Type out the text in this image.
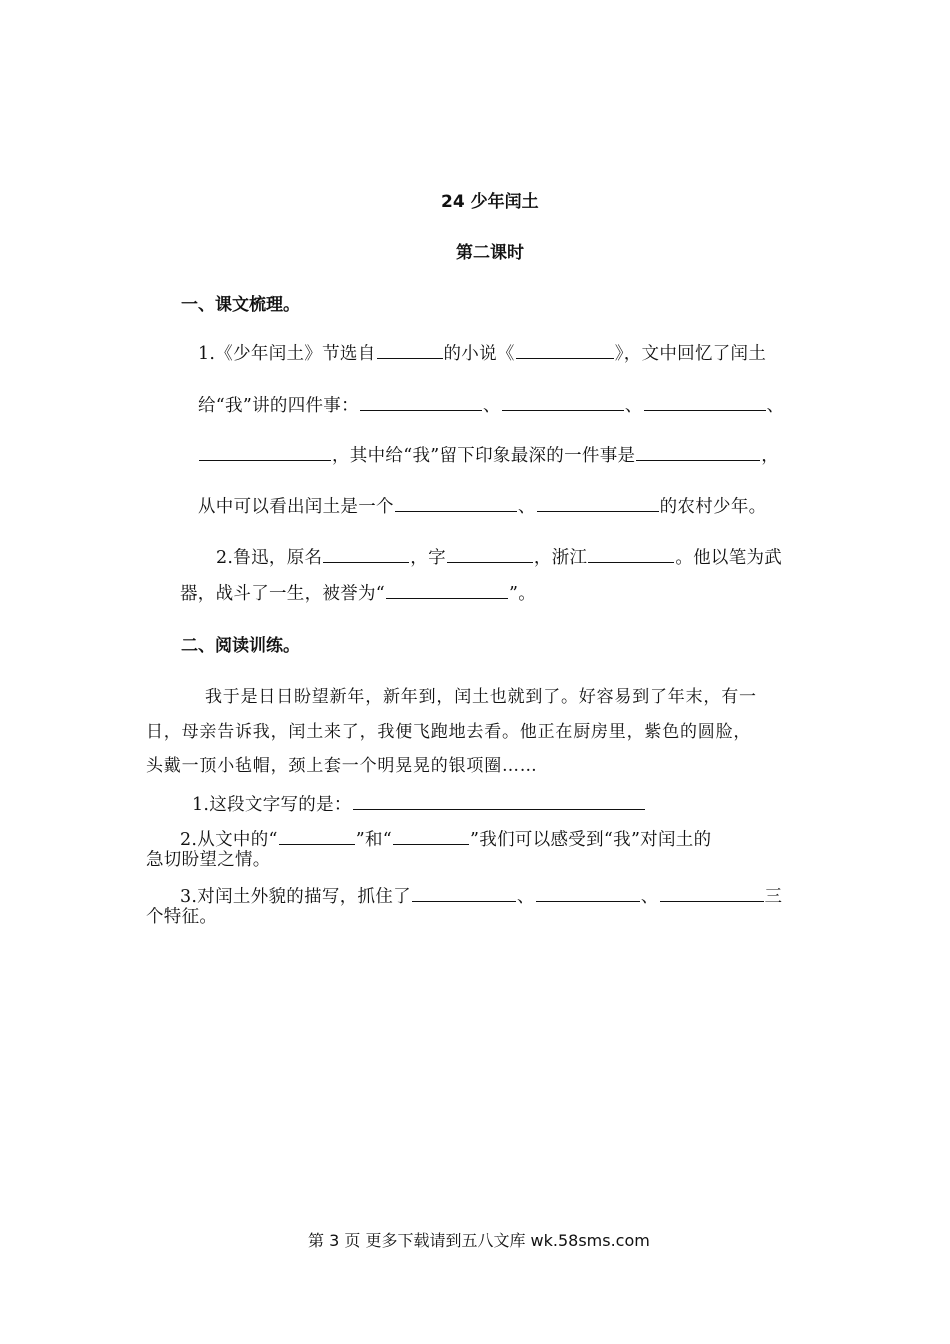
24 少年闰土
第二课时
一、课文梳理。
1.《少年闰土》节选自	的小说《	》，文中回忆了闰土
给“我”讲的四件事：	、	、	、
，其中给“我”留下印象最深的一件事是	，
从中可以看出闰土是一个	、	的农村少年。
2.鲁迅，原名	，字	，浙江	。他以笔为武
器，战斗了一生，被誉为“	”。
二、阅读训练。
我于是日日盼望新年，新年到，闰土也就到了。好容易到了年末，有一
日，母亲告诉我，闰土来了，我便飞跑地去看。他正在厨房里，紫色的圆脸，
头戴一顶小毡帽，颈上套一个明晃晃的银项圈……
1.这段文字写的是：
2.从文中的“	”和“	”我们可以感受到“我”对闰土的
急切盼望之情。
3.对闰土外貌的描写，抓住了	、	、	三
个特征。
第 3 页 更多下载请到五八文库 wk.58sms.com
